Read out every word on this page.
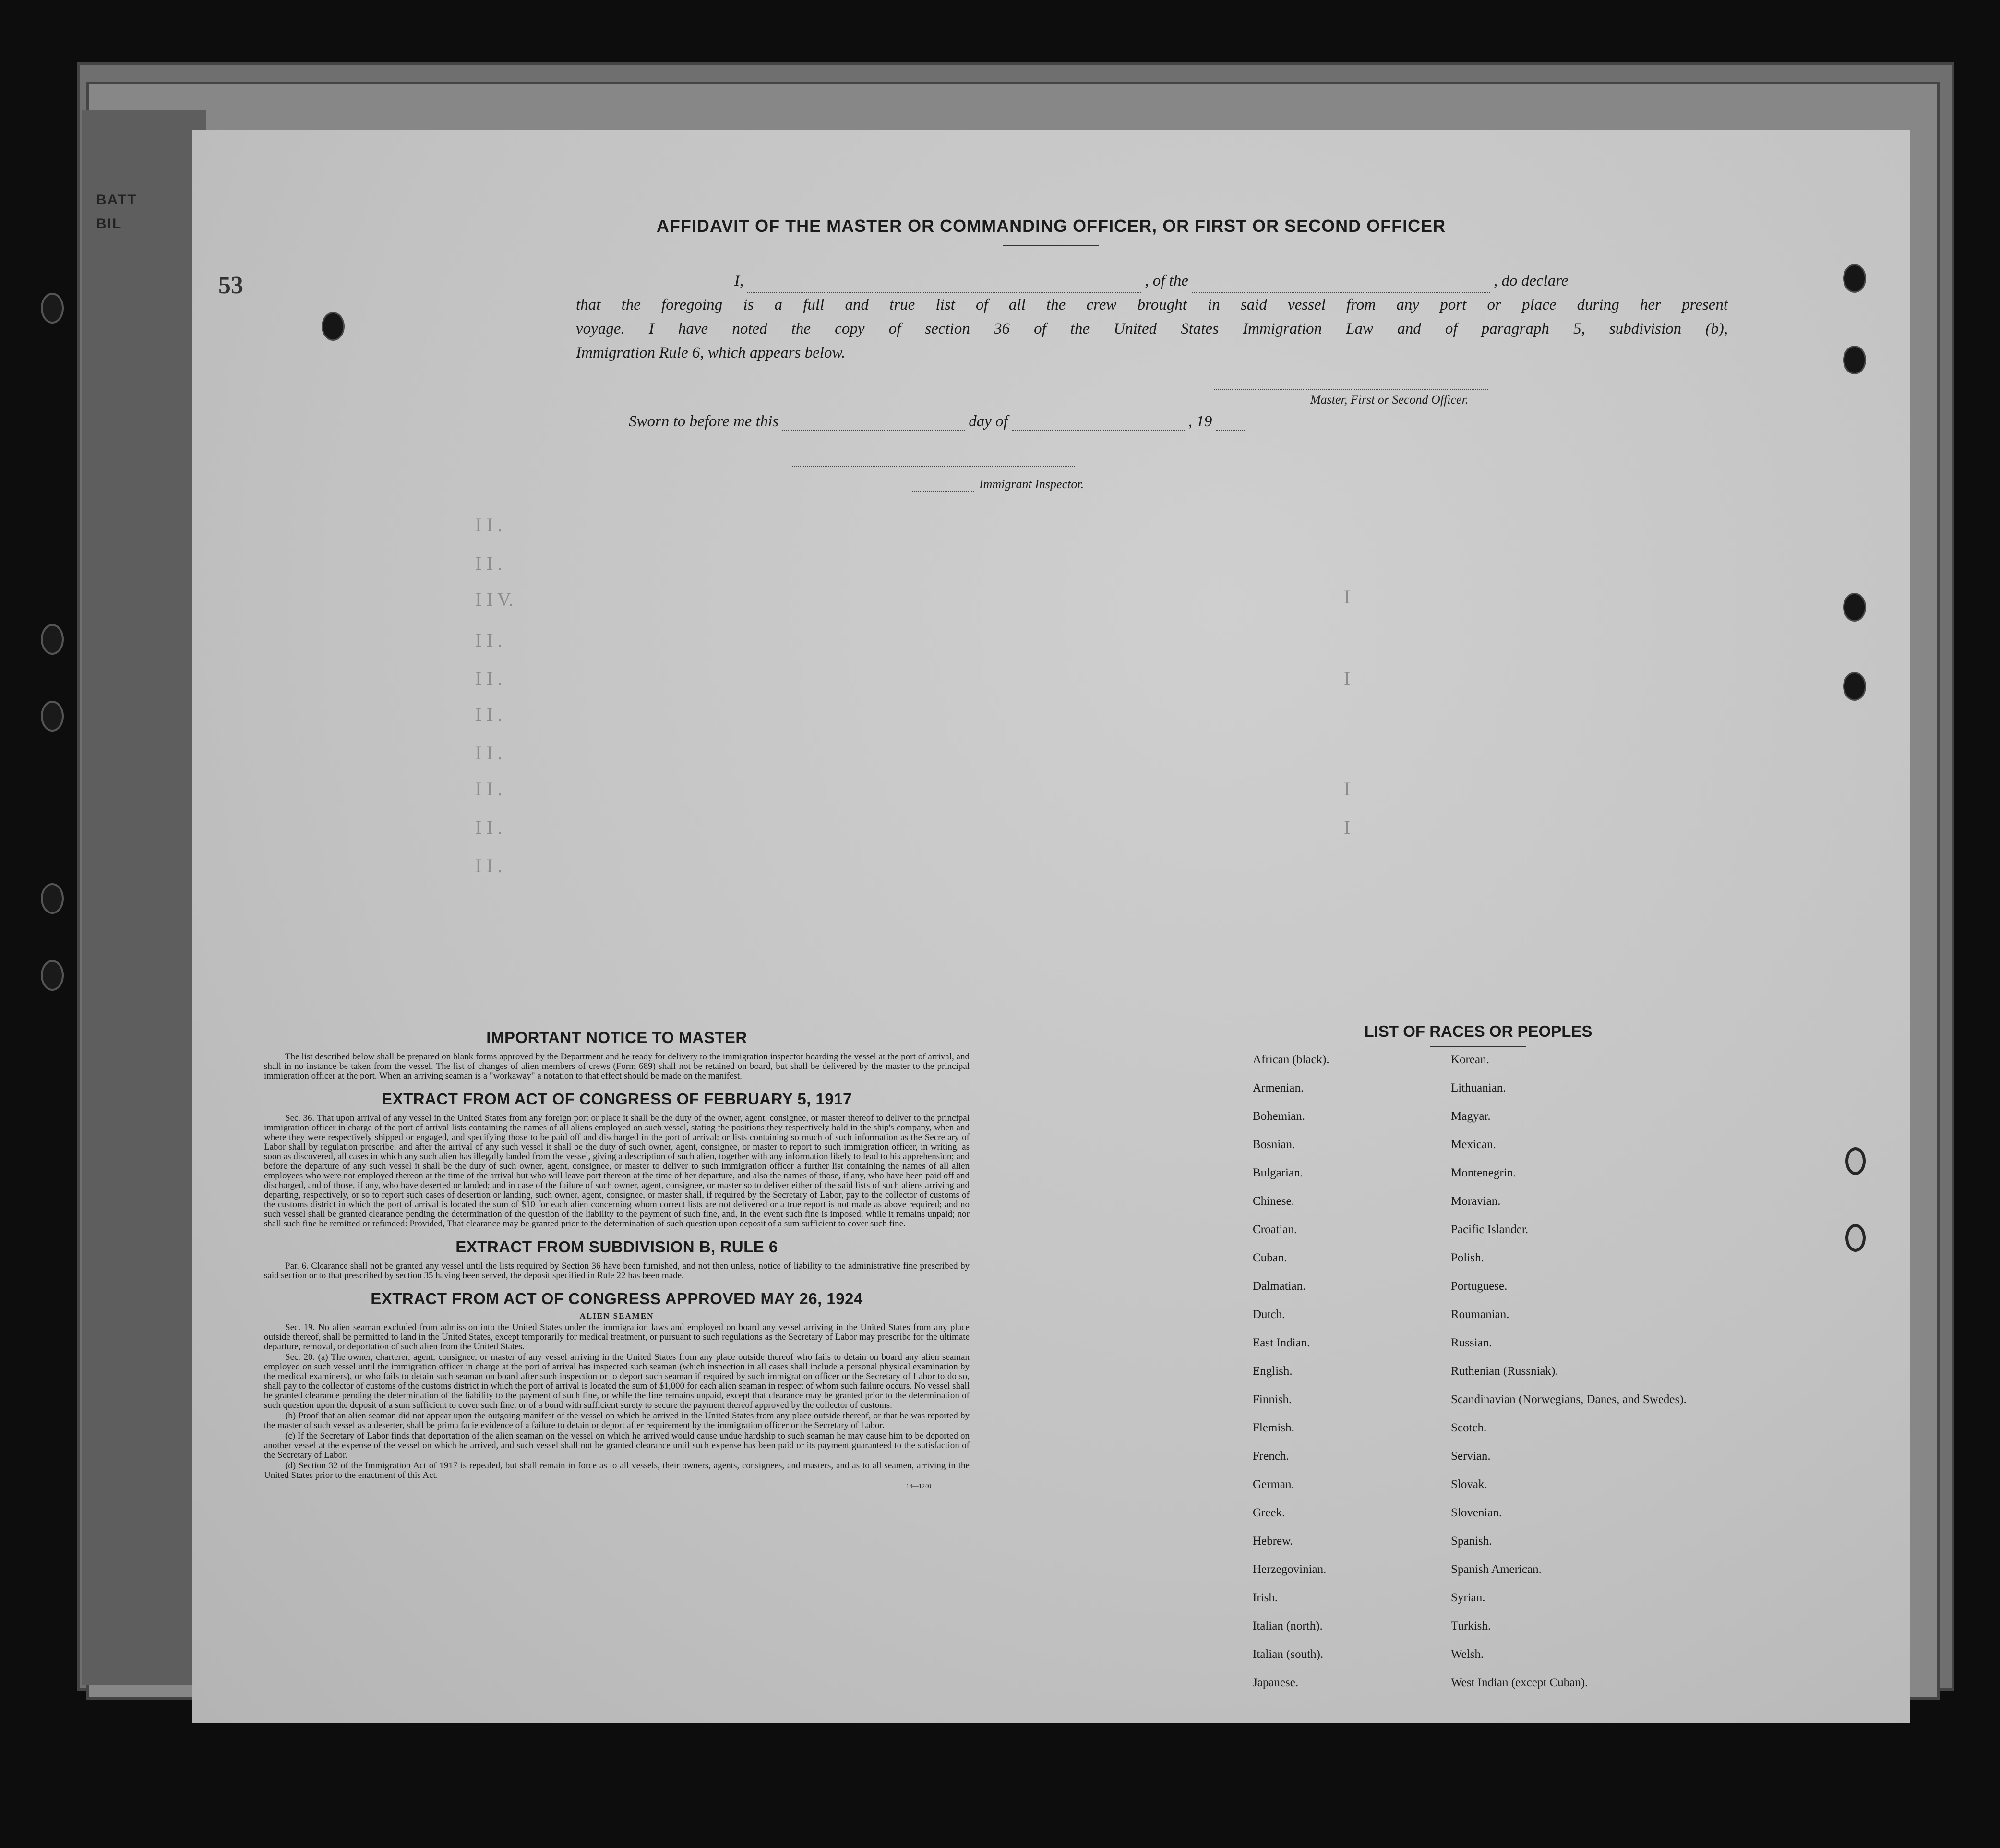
BATT
BIL	AFFIDAVIT OF THE MASTER OR COMMANDING OFFICER, OR FIRST OR SECOND OFFICER
53	I,	, of the	, do declare
that the foregoing is a full and true list of all the crew brought in said vessel from any port or place during her present
voyage. I have noted the copy of section 36 of the United States Immigration Law and of paragraph 5, subdivision (b),
Immigration Rule 6, which appears below.
Master, First or Second Officer.
Sworn to before me this	day of	, 19
Immigrant Inspector.
I I .
I I .
I I V.
I I .
I I .
I I .
I I .
I I .
I I .
I I .
I
I
I
I
IMPORTANT NOTICE TO MASTER

The list described below shall be prepared on blank forms approved by the Department and be ready for delivery to the immigration inspector boarding the vessel at the port of arrival, and shall in no instance be taken from the vessel. The list of changes of alien members of crews (Form 689) shall not be retained on board, but shall be delivered by the master to the principal immigration officer at the port. When an arriving seaman is a "workaway" a notation to that effect should be made on the manifest.

EXTRACT FROM ACT OF CONGRESS OF FEBRUARY 5, 1917

Sec. 36. That upon arrival of any vessel in the United States from any foreign port or place it shall be the duty of the owner, agent, consignee, or master thereof to deliver to the principal immigration officer in charge of the port of arrival lists containing the names of all aliens employed on such vessel, stating the positions they respectively hold in the ship's company, when and where they were respectively shipped or engaged, and specifying those to be paid off and discharged in the port of arrival; or lists containing so much of such information as the Secretary of Labor shall by regulation prescribe; and after the arrival of any such vessel it shall be the duty of such owner, agent, consignee, or master to report to such immigration officer, in writing, as soon as discovered, all cases in which any such alien has illegally landed from the vessel, giving a description of such alien, together with any information likely to lead to his apprehension; and before the departure of any such vessel it shall be the duty of such owner, agent, consignee, or master to deliver to such immigration officer a further list containing the names of all alien employees who were not employed thereon at the time of the arrival but who will leave port thereon at the time of her departure, and also the names of those, if any, who have been paid off and discharged, and of those, if any, who have deserted or landed; and in case of the failure of such owner, agent, consignee, or master so to deliver either of the said lists of such aliens arriving and departing, respectively, or so to report such cases of desertion or landing, such owner, agent, consignee, or master shall, if required by the Secretary of Labor, pay to the collector of customs of the customs district in which the port of arrival is located the sum of $10 for each alien concerning whom correct lists are not delivered or a true report is not made as above required; and no such vessel shall be granted clearance pending the determination of the question of the liability to the payment of such fine, and, in the event such fine is imposed, while it remains unpaid; nor shall such fine be remitted or refunded: Provided, That clearance may be granted prior to the determination of such question upon deposit of a sum sufficient to cover such fine.

EXTRACT FROM SUBDIVISION B, RULE 6

Par. 6. Clearance shall not be granted any vessel until the lists required by Section 36 have been furnished, and not then unless, notice of liability to the administrative fine prescribed by said section or to that prescribed by section 35 having been served, the deposit specified in Rule 22 has been made.

EXTRACT FROM ACT OF CONGRESS APPROVED MAY 26, 1924
ALIEN SEAMEN

Sec. 19. No alien seaman excluded from admission into the United States under the immigration laws and employed on board any vessel arriving in the United States from any place outside thereof, shall be permitted to land in the United States, except temporarily for medical treatment, or pursuant to such regulations as the Secretary of Labor may prescribe for the ultimate departure, removal, or deportation of such alien from the United States.

Sec. 20. (a) The owner, charterer, agent, consignee, or master of any vessel arriving in the United States from any place outside thereof who fails to detain on board any alien seaman employed on such vessel until the immigration officer in charge at the port of arrival has inspected such seaman (which inspection in all cases shall include a personal physical examination by the medical examiners), or who fails to detain such seaman on board after such inspection or to deport such seaman if required by such immigration officer or the Secretary of Labor to do so, shall pay to the collector of customs of the customs district in which the port of arrival is located the sum of $1,000 for each alien seaman in respect of whom such failure occurs. No vessel shall be granted clearance pending the determination of the liability to the payment of such fine, or while the fine remains unpaid, except that clearance may be granted prior to the determination of such question upon the deposit of a sum sufficient to cover such fine, or of a bond with sufficient surety to secure the payment thereof approved by the collector of customs.

(b) Proof that an alien seaman did not appear upon the outgoing manifest of the vessel on which he arrived in the United States from any place outside thereof, or that he was reported by the master of such vessel as a deserter, shall be prima facie evidence of a failure to detain or deport after requirement by the immigration officer or the Secretary of Labor.

(c) If the Secretary of Labor finds that deportation of the alien seaman on the vessel on which he arrived would cause undue hardship to such seaman he may cause him to be deported on another vessel at the expense of the vessel on which he arrived, and such vessel shall not be granted clearance until such expense has been paid or its payment guaranteed to the satisfaction of the Secretary of Labor.

(d) Section 32 of the Immigration Act of 1917 is repealed, but shall remain in force as to all vessels, their owners, agents, consignees, and masters, and as to all seamen, arriving in the United States prior to the enactment of this Act.

14—1240
LIST OF RACES OR PEOPLES
African (black).	Korean.
Armenian.	Lithuanian.
Bohemian.	Magyar.
Bosnian.	Mexican.
Bulgarian.	Montenegrin.
Chinese.	Moravian.
Croatian.	Pacific Islander.
Cuban.	Polish.
Dalmatian.	Portuguese.
Dutch.	Roumanian.
East Indian.	Russian.
English.	Ruthenian (Russniak).
Finnish.	Scandinavian (Norwegians, Danes, and Swedes).
Flemish.	Scotch.
French.	Servian.
German.	Slovak.
Greek.	Slovenian.
Hebrew.	Spanish.
Herzegovinian.	Spanish American.
Irish.	Syrian.
Italian (north).	Turkish.
Italian (south).	Welsh.
Japanese.	West Indian (except Cuban).
